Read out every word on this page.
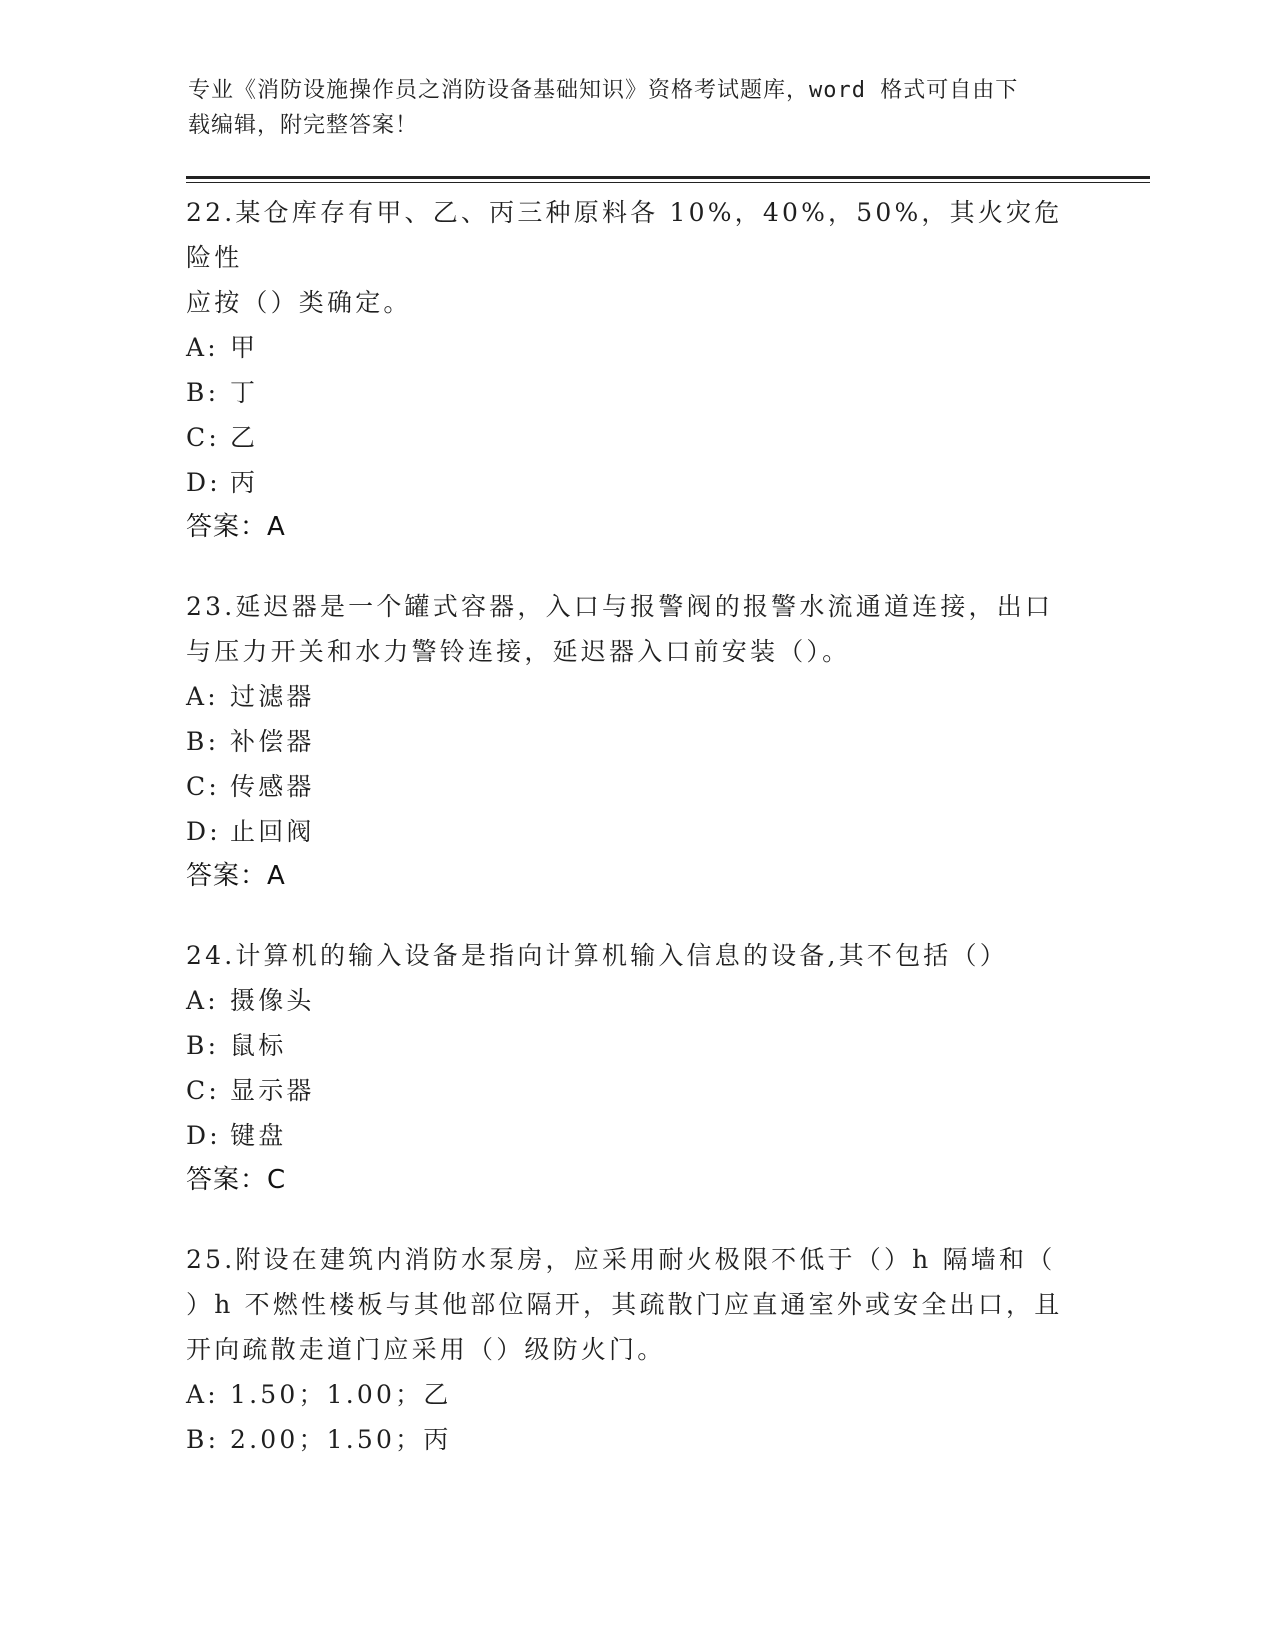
专业《消防设施操作员之消防设备基础知识》资格考试题库，word 格式可自由下
载编辑，附完整答案！
22.某仓库存有甲、乙、丙三种原料各 10%，40%，50%，其火灾危险性
应按（）类确定。
A: 甲
B: 丁
C: 乙
D: 丙
答案：A
23.延迟器是一个罐式容器，入口与报警阀的报警水流通道连接，出口
与压力开关和水力警铃连接，延迟器入口前安装（）。
A: 过滤器
B: 补偿器
C: 传感器
D: 止回阀
答案：A
24.计算机的输入设备是指向计算机输入信息的设备,其不包括（）
A: 摄像头
B: 鼠标
C: 显示器
D: 键盘
答案：C
25.附设在建筑内消防水泵房，应采用耐火极限不低于（）h 隔墙和（
）h 不燃性楼板与其他部位隔开，其疏散门应直通室外或安全出口，且
开向疏散走道门应采用（）级防火门。
A: 1.50；1.00；乙
B: 2.00；1.50；丙
